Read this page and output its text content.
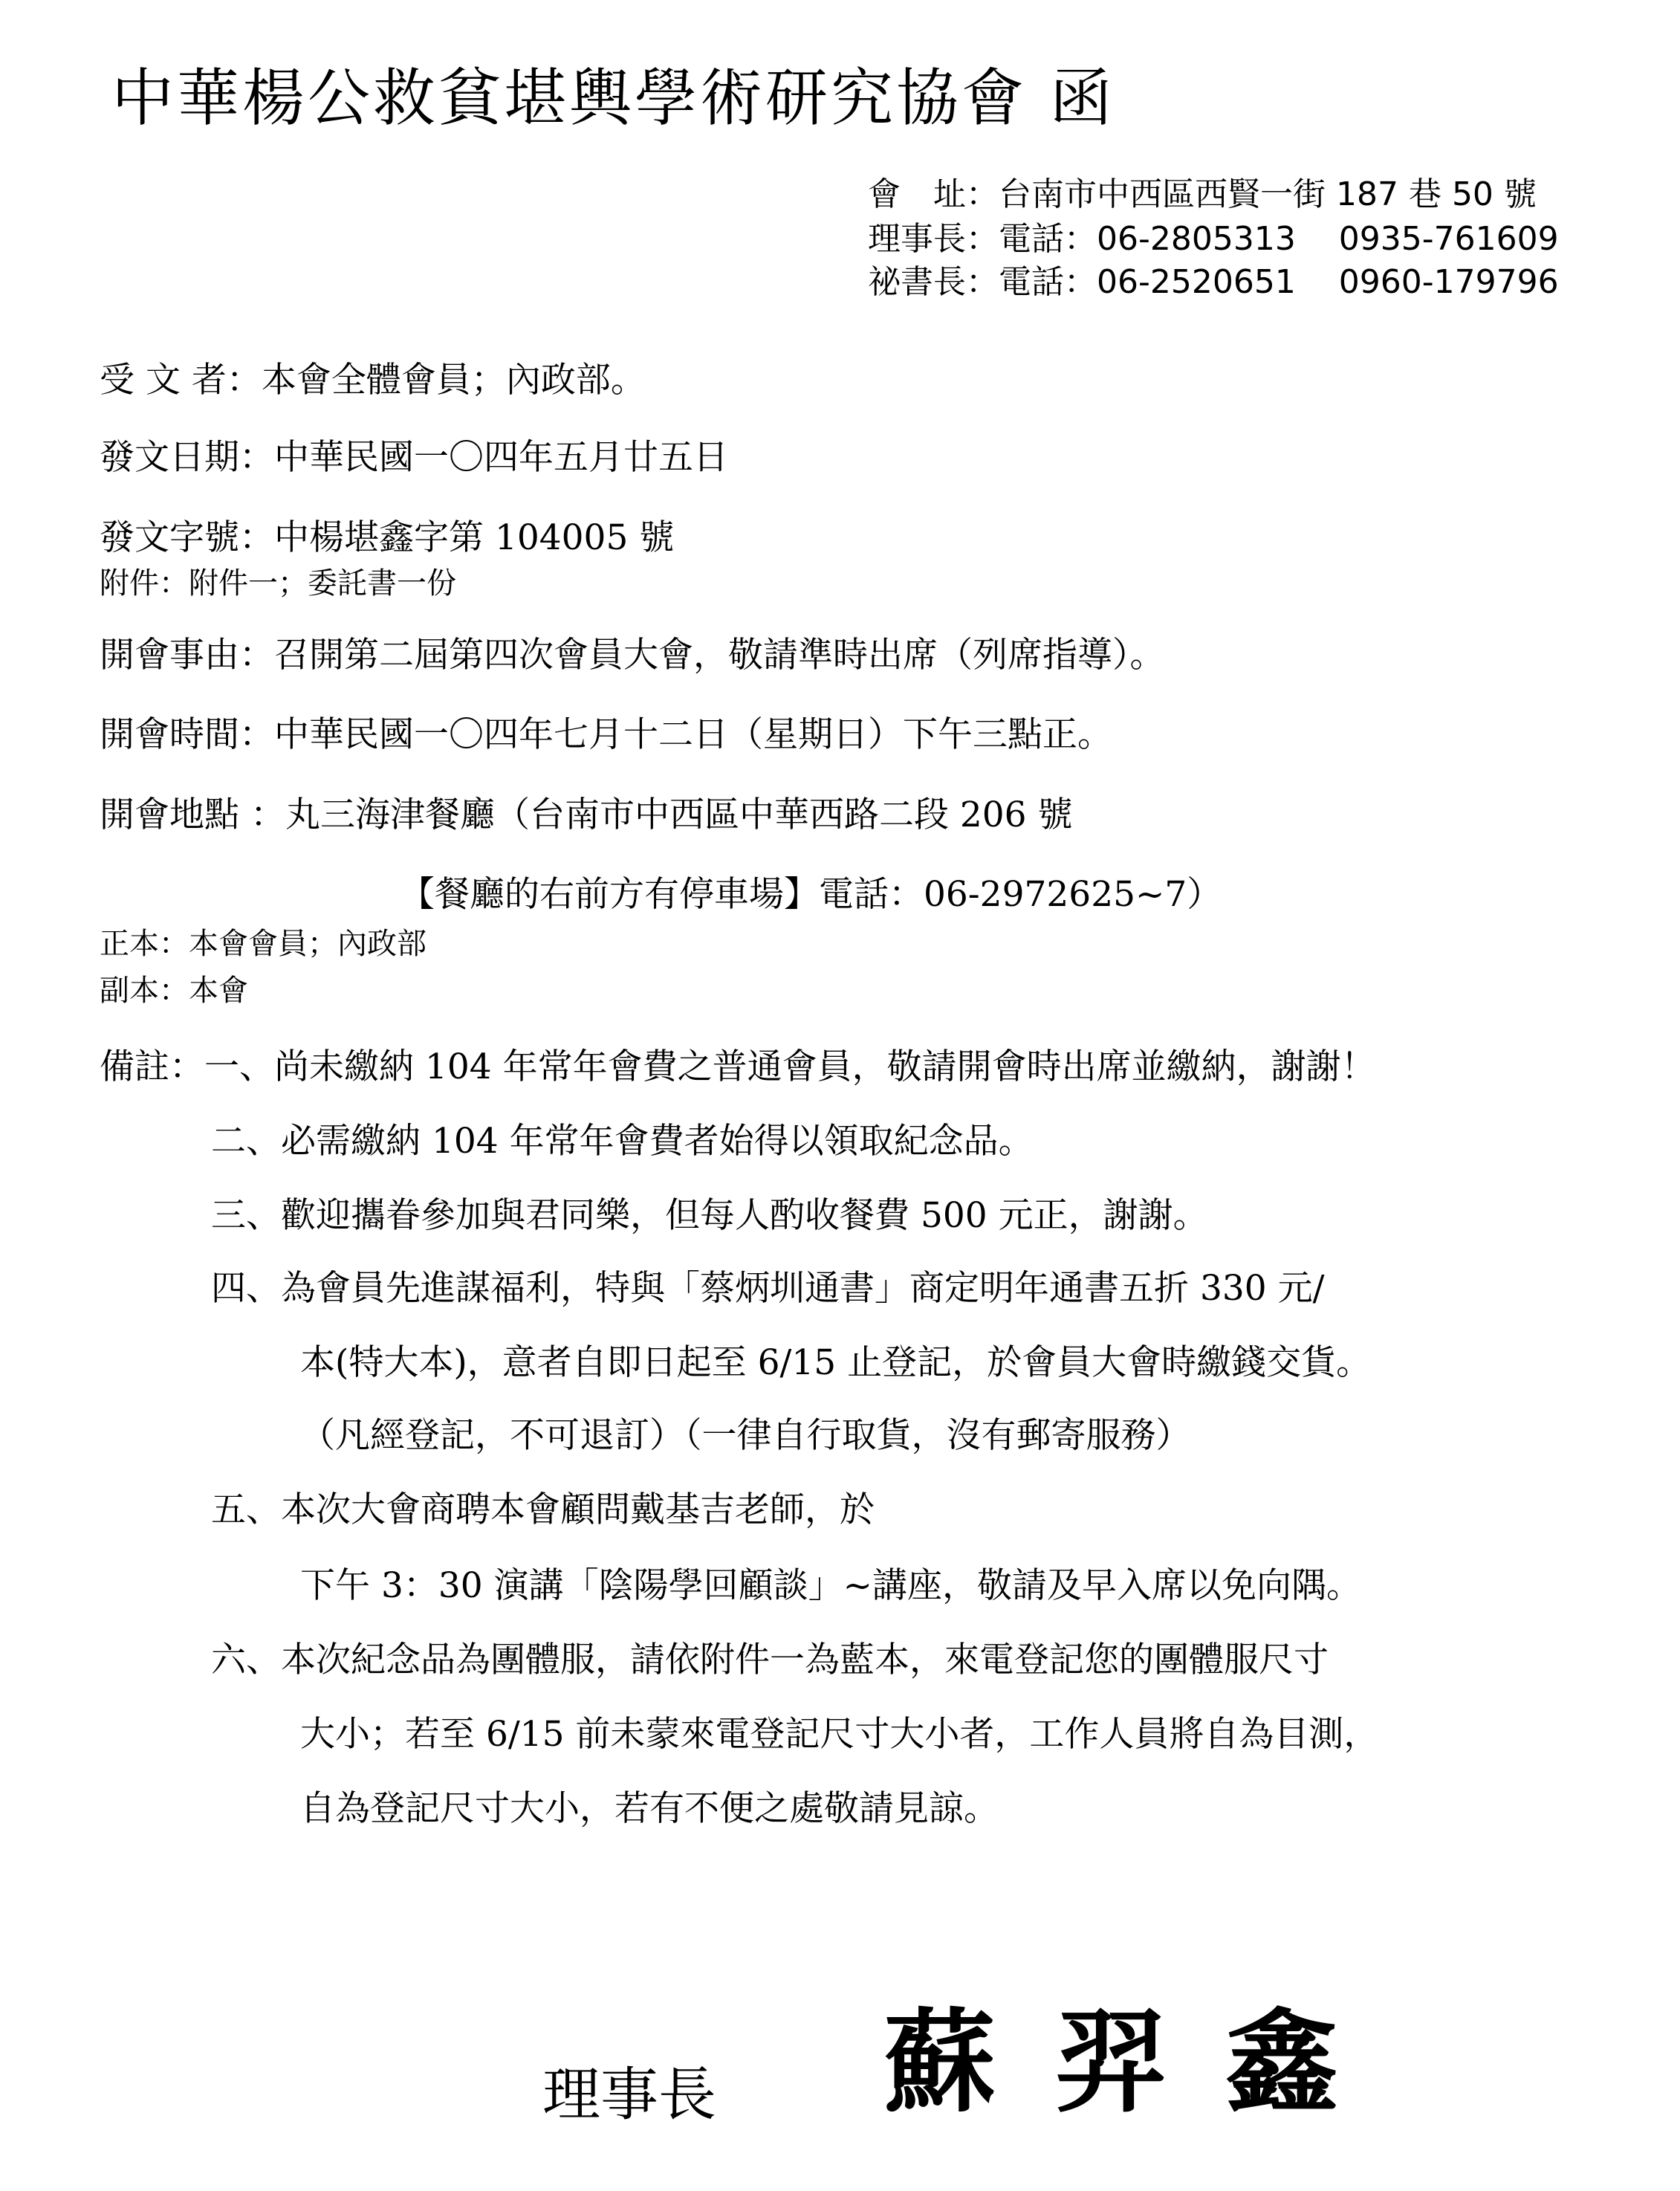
中華楊公救貧堪輿學術研究協會 函
會　址：台南市中西區西賢一街 187 巷 50 號
理事長：電話：06-2805313　 0935-761609
祕書長：電話：06-2520651　 0960-179796
受 文 者：本會全體會員；內政部。
發文日期：中華民國一〇四年五月廿五日
發文字號：中楊堪鑫字第 104005 號
附件：附件一；委託書一份
開會事由：召開第二屆第四次會員大會，敬請準時出席（列席指導）。
開會時間：中華民國一〇四年七月十二日（星期日）下午三點正。
開會地點 ：丸三海津餐廳（台南市中西區中華西路二段 206 號
【餐廳的右前方有停車場】電話：06-2972625~7）
正本：本會會員；內政部
副本：本會
備註：一、尚未繳納 104 年常年會費之普通會員，敬請開會時出席並繳納，謝謝！
二、必需繳納 104 年常年會費者始得以領取紀念品。
三、歡迎攜眷參加與君同樂，但每人酌收餐費 500 元正，謝謝。
四、為會員先進謀福利，特與「蔡炳圳通書」商定明年通書五折 330 元/
本(特大本)，意者自即日起至 6/15 止登記，於會員大會時繳錢交貨。
（凡經登記，不可退訂）（一律自行取貨，沒有郵寄服務）
五、本次大會商聘本會顧問戴基吉老師，於
下午 3：30 演講「陰陽學回顧談」~講座，敬請及早入席以免向隅。
六、本次紀念品為團體服，請依附件一為藍本，來電登記您的團體服尺寸
大小；若至 6/15 前未蒙來電登記尺寸大小者，工作人員將自為目測，
自為登記尺寸大小，若有不便之處敬請見諒。
理事長 蘇羿鑫
